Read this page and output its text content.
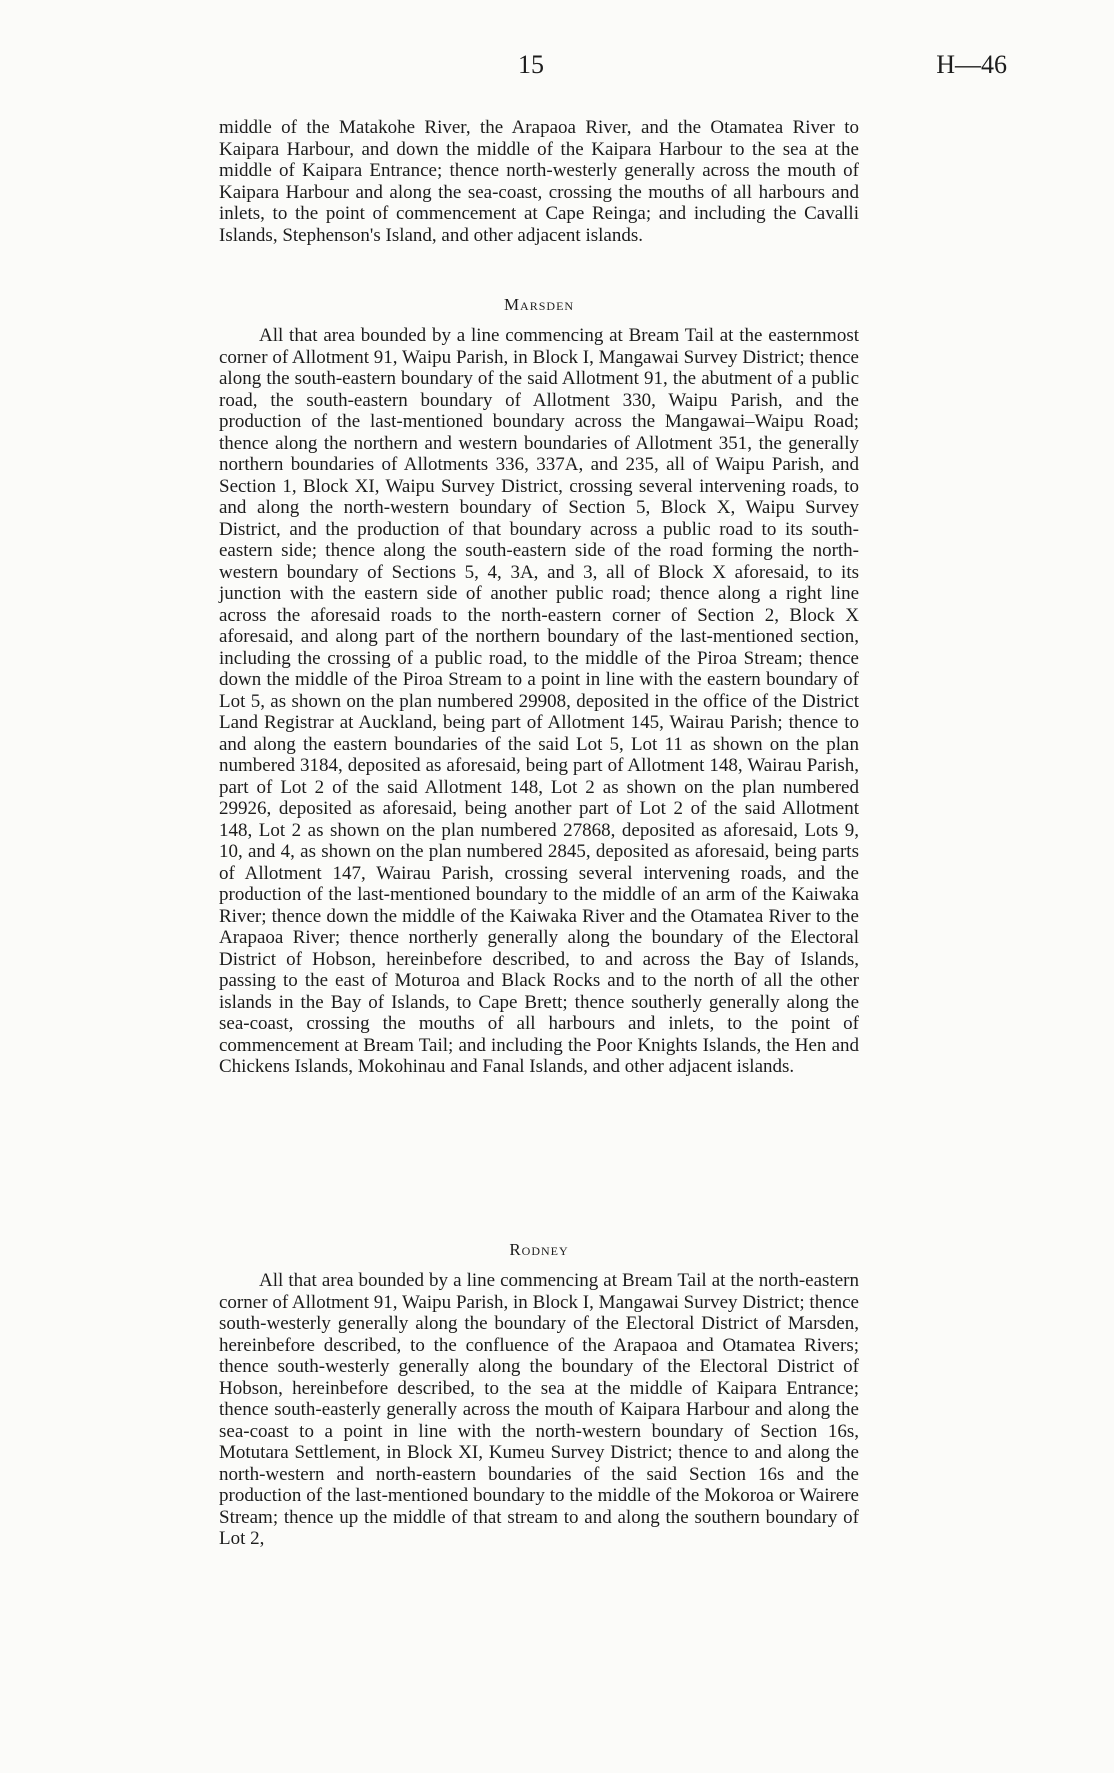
15	H—46

middle of the Matakohe River, the Arapaoa River, and the Otamatea River to Kaipara Harbour, and down the middle of the Kaipara Harbour to the sea at the middle of Kaipara Entrance; thence north-westerly generally across the mouth of Kaipara Harbour and along the sea-coast, crossing the mouths of all harbours and inlets, to the point of commencement at Cape Reinga; and including the Cavalli Islands, Stephenson's Island, and other adjacent islands.

Marsden

All that area bounded by a line commencing at Bream Tail at the easternmost corner of Allotment 91, Waipu Parish, in Block I, Mangawai Survey District; thence along the south-eastern boundary of the said Allotment 91, the abutment of a public road, the south-eastern boundary of Allotment 330, Waipu Parish, and the production of the last-mentioned boundary across the Mangawai–Waipu Road; thence along the northern and western boundaries of Allotment 351, the generally northern boundaries of Allotments 336, 337A, and 235, all of Waipu Parish, and Section 1, Block XI, Waipu Survey District, crossing several intervening roads, to and along the north-western boundary of Section 5, Block X, Waipu Survey District, and the production of that boundary across a public road to its south-eastern side; thence along the south-eastern side of the road forming the north-western boundary of Sections 5, 4, 3A, and 3, all of Block X aforesaid, to its junction with the eastern side of another public road; thence along a right line across the aforesaid roads to the north-eastern corner of Section 2, Block X aforesaid, and along part of the northern boundary of the last-mentioned section, including the crossing of a public road, to the middle of the Piroa Stream; thence down the middle of the Piroa Stream to a point in line with the eastern boundary of Lot 5, as shown on the plan numbered 29908, deposited in the office of the District Land Registrar at Auckland, being part of Allotment 145, Wairau Parish; thence to and along the eastern boundaries of the said Lot 5, Lot 11 as shown on the plan numbered 3184, deposited as aforesaid, being part of Allotment 148, Wairau Parish, part of Lot 2 of the said Allotment 148, Lot 2 as shown on the plan numbered 29926, deposited as aforesaid, being another part of Lot 2 of the said Allotment 148, Lot 2 as shown on the plan numbered 27868, deposited as aforesaid, Lots 9, 10, and 4, as shown on the plan numbered 2845, deposited as aforesaid, being parts of Allotment 147, Wairau Parish, crossing several intervening roads, and the production of the last-mentioned boundary to the middle of an arm of the Kaiwaka River; thence down the middle of the Kaiwaka River and the Otamatea River to the Arapaoa River; thence northerly generally along the boundary of the Electoral District of Hobson, hereinbefore described, to and across the Bay of Islands, passing to the east of Moturoa and Black Rocks and to the north of all the other islands in the Bay of Islands, to Cape Brett; thence southerly generally along the sea-coast, crossing the mouths of all harbours and inlets, to the point of commencement at Bream Tail; and including the Poor Knights Islands, the Hen and Chickens Islands, Mokohinau and Fanal Islands, and other adjacent islands.

Rodney

All that area bounded by a line commencing at Bream Tail at the north-eastern corner of Allotment 91, Waipu Parish, in Block I, Mangawai Survey District; thence south-westerly generally along the boundary of the Electoral District of Marsden, hereinbefore described, to the confluence of the Arapaoa and Otamatea Rivers; thence south-westerly generally along the boundary of the Electoral District of Hobson, hereinbefore described, to the sea at the middle of Kaipara Entrance; thence south-easterly generally across the mouth of Kaipara Harbour and along the sea-coast to a point in line with the north-western boundary of Section 16s, Motutara Settlement, in Block XI, Kumeu Survey District; thence to and along the north-western and north-eastern boundaries of the said Section 16s and the production of the last-mentioned boundary to the middle of the Mokoroa or Wairere Stream; thence up the middle of that stream to and along the southern boundary of Lot 2,
